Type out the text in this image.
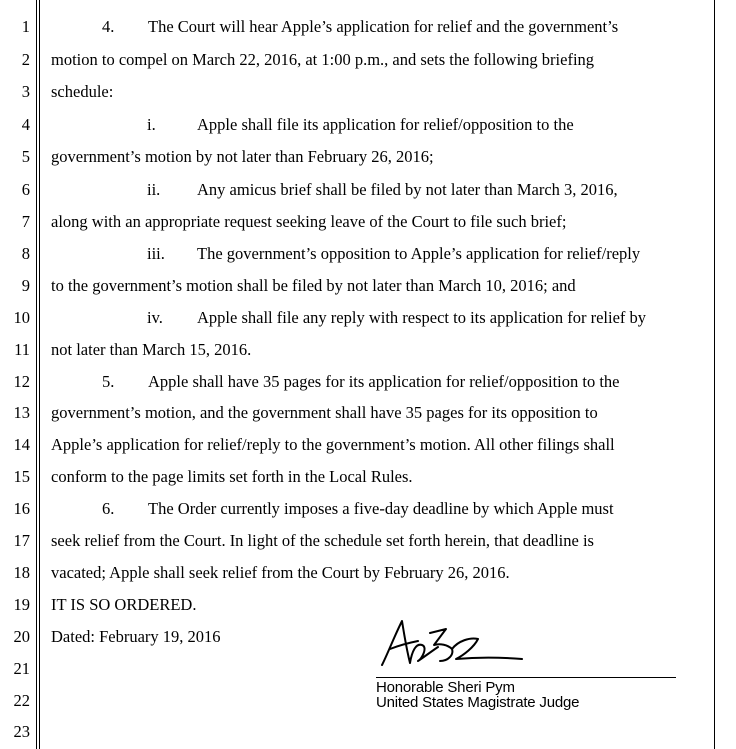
1
2
3
4
5
6
7
8
9
10
11
12
13
14
15
16
17
18
19
20
21
22
23
4. The Court will hear Apple’s application for relief and the government’s
motion to compel on March 22, 2016, at 1:00 p.m., and sets the following briefing
schedule:
i.	Apple shall file its application for relief/opposition to the
government’s motion by not later than February 26, 2016;
ii. Any amicus brief shall be filed by not later than March 3, 2016,
along with an appropriate request seeking leave of the Court to file such brief;
iii. The government’s opposition to Apple’s application for relief/reply
to the government’s motion shall be filed by not later than March 10, 2016; and
iv. Apple shall file any reply with respect to its application for relief by
not later than March 15, 2016.
5. Apple shall have 35 pages for its application for relief/opposition to the
government’s motion, and the government shall have 35 pages for its opposition to
Apple’s application for relief/reply to the government’s motion. All other filings shall
conform to the page limits set forth in the Local Rules.
6. The Order currently imposes a five-day deadline by which Apple must
seek relief from the Court. In light of the schedule set forth herein, that deadline is
vacated; Apple shall seek relief from the Court by February 26, 2016.
IT IS SO ORDERED.
Dated: February 19, 2016
Honorable Sheri Pym
United States Magistrate Judge
